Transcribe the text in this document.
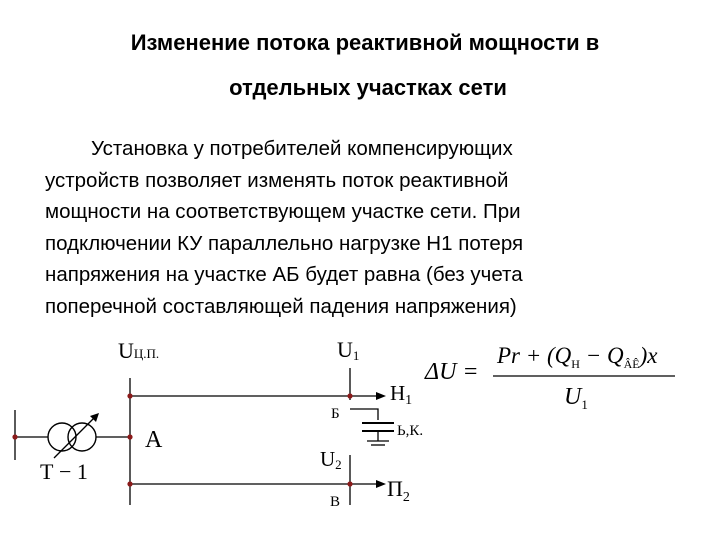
Изменение потока реактивной мощности в
отдельных участках сети
Установка у потребителей компенсирующих
устройств позволяет изменять поток реактивной
мощности на соответствующем участке сети. При
подключении КУ параллельно нагрузке Н1 потеря
напряжения на участке АБ будет равна (без учета
поперечной составляющей падения напряжения)
UЦ.П.	U1
А
Б
В
Н1
Ь,К.
U2
$П_2$
Т − 1
ΔU =
$Pr + (Q_Н - Q_{ÂÊ})x$
$U_1$
